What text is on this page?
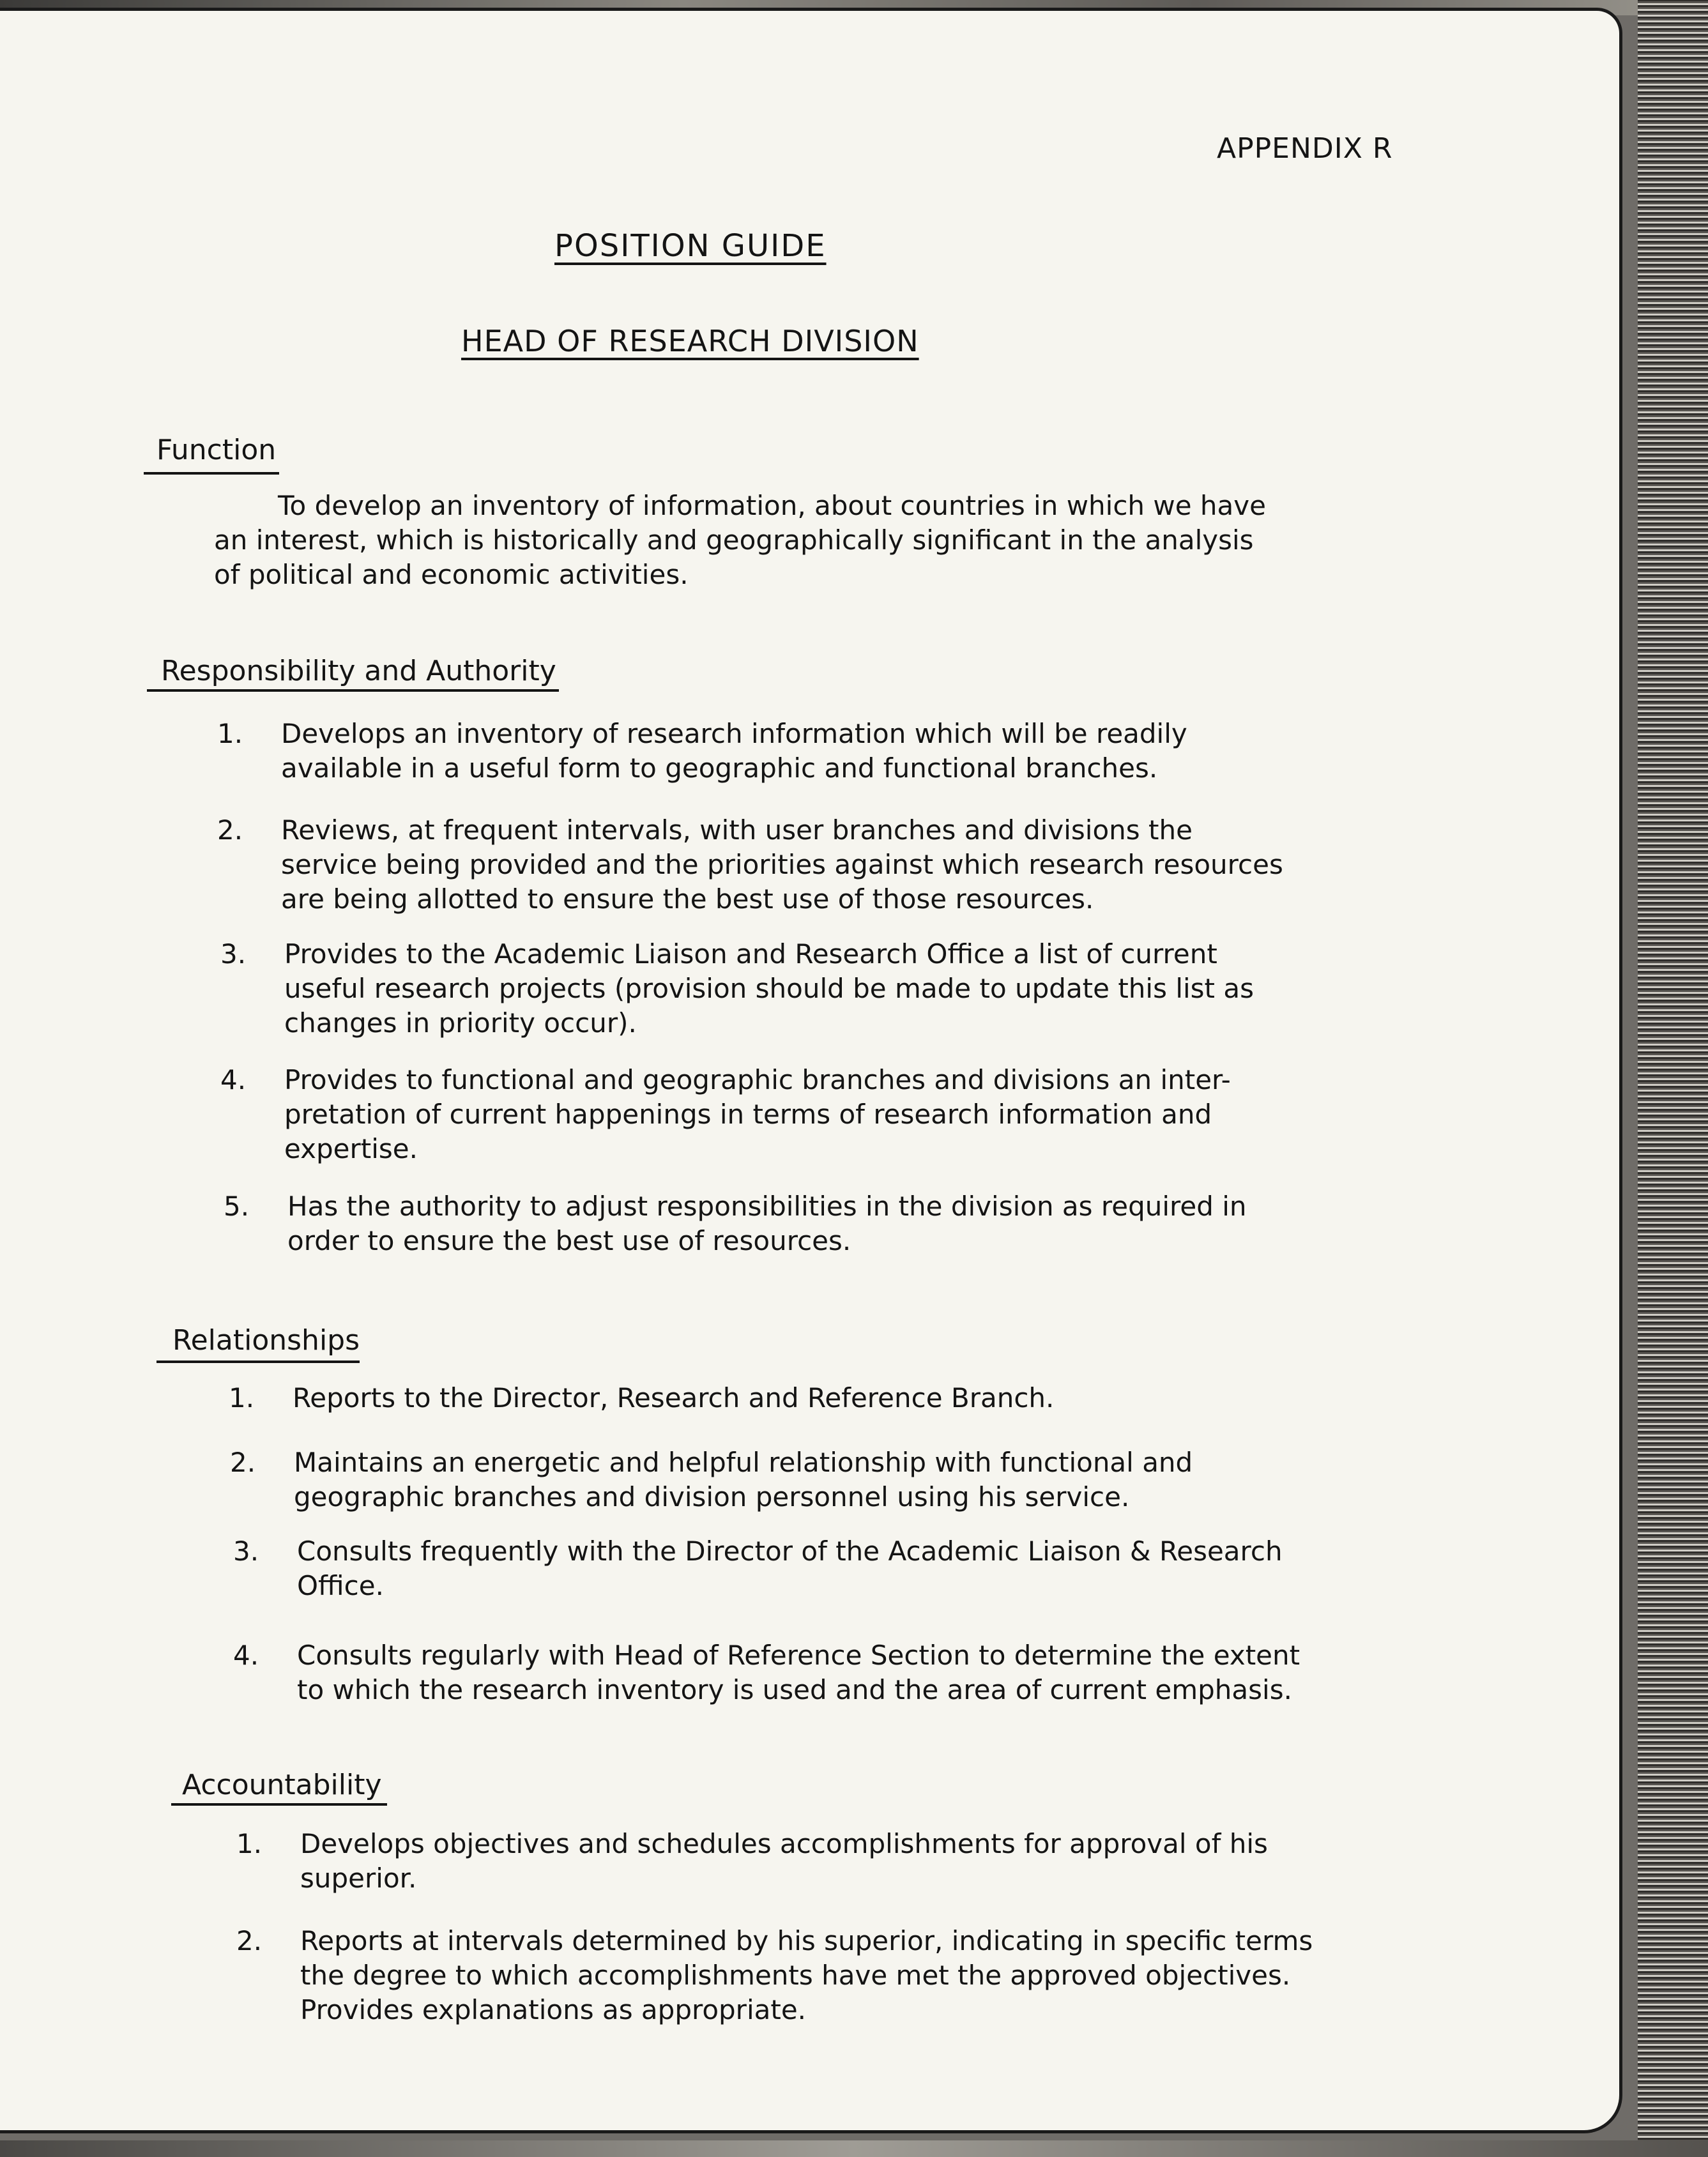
APPENDIX R
POSITION GUIDE
HEAD OF RESEARCH DIVISION
Function
To develop an inventory of information, about countries in which we have
an interest, which is historically and geographically significant in the analysis
of political and economic activities.
Responsibility and Authority
1.	Develops an inventory of research information which will be readily
available in a useful form to geographic and functional branches.
2.	Reviews, at frequent intervals, with user branches and divisions the
service being provided and the priorities against which research resources
are being allotted to ensure the best use of those resources.
3.	Provides to the Academic Liaison and Research Office a list of current
useful research projects (provision should be made to update this list as
changes in priority occur).
4.	Provides to functional and geographic branches and divisions an inter-
pretation of current happenings in terms of research information and
expertise.
5.	Has the authority to adjust responsibilities in the division as required in
order to ensure the best use of resources.
Relationships
1.	Reports to the Director, Research and Reference Branch.
2.	Maintains an energetic and helpful relationship with functional and
geographic branches and division personnel using his service.
3.	Consults frequently with the Director of the Academic Liaison & Research
Office.
4.	Consults regularly with Head of Reference Section to determine the extent
to which the research inventory is used and the area of current emphasis.
Accountability
1.	Develops objectives and schedules accomplishments for approval of his
superior.
2.	Reports at intervals determined by his superior, indicating in specific terms
the degree to which accomplishments have met the approved objectives.
Provides explanations as appropriate.
